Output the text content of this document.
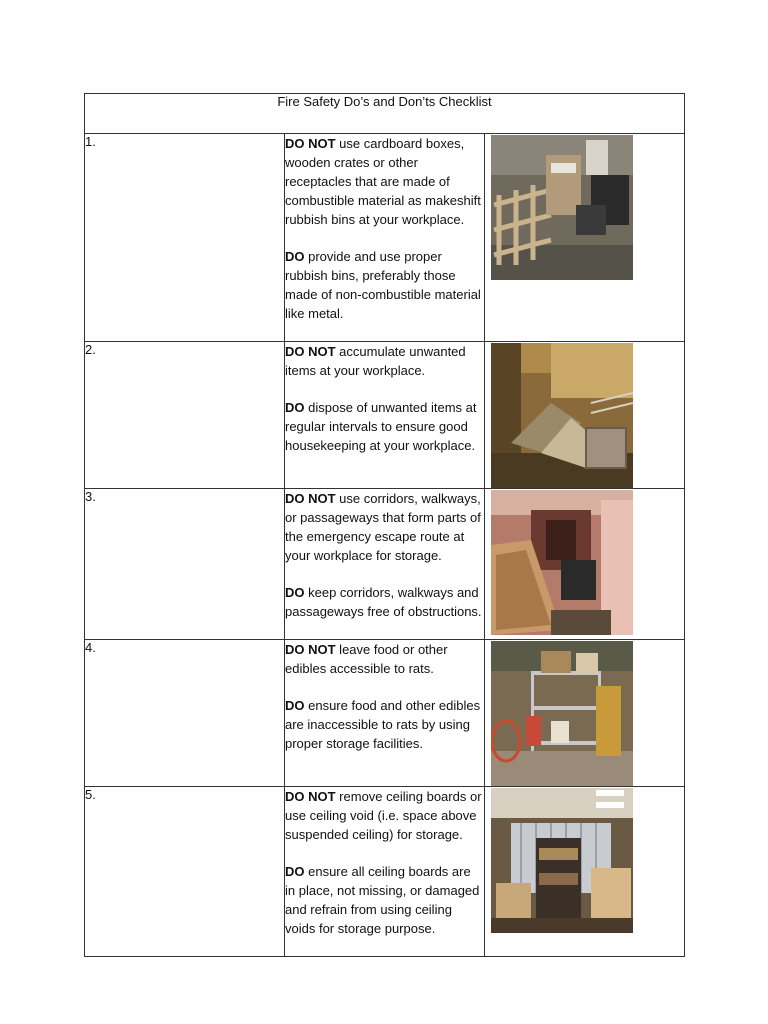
Fire Safety Do’s and Don’ts Checklist		
1.	DO NOT use cardboard boxes, wooden crates or other receptacles that are made of combustible material as makeshift rubbish bins at your workplace.

DO provide and use proper rubbish bins, preferably those made of non-combustible material like metal.

2.	DO NOT accumulate unwanted items at your workplace.

DO dispose of unwanted items at regular intervals to ensure good housekeeping at your workplace.

3.	DO NOT use corridors, walkways, or passageways that form parts of the emergency escape route at your workplace for storage.

DO keep corridors, walkways and passageways free of obstructions.

4.	DO NOT leave food or other edibles accessible to rats.

DO ensure food and other edibles are inaccessible to rats by using proper storage facilities.

5.	DO NOT remove ceiling boards or use ceiling void (i.e. space above suspended ceiling) for storage.

DO ensure all ceiling boards are in place, not missing, or damaged and refrain from using ceiling voids for storage purpose.
